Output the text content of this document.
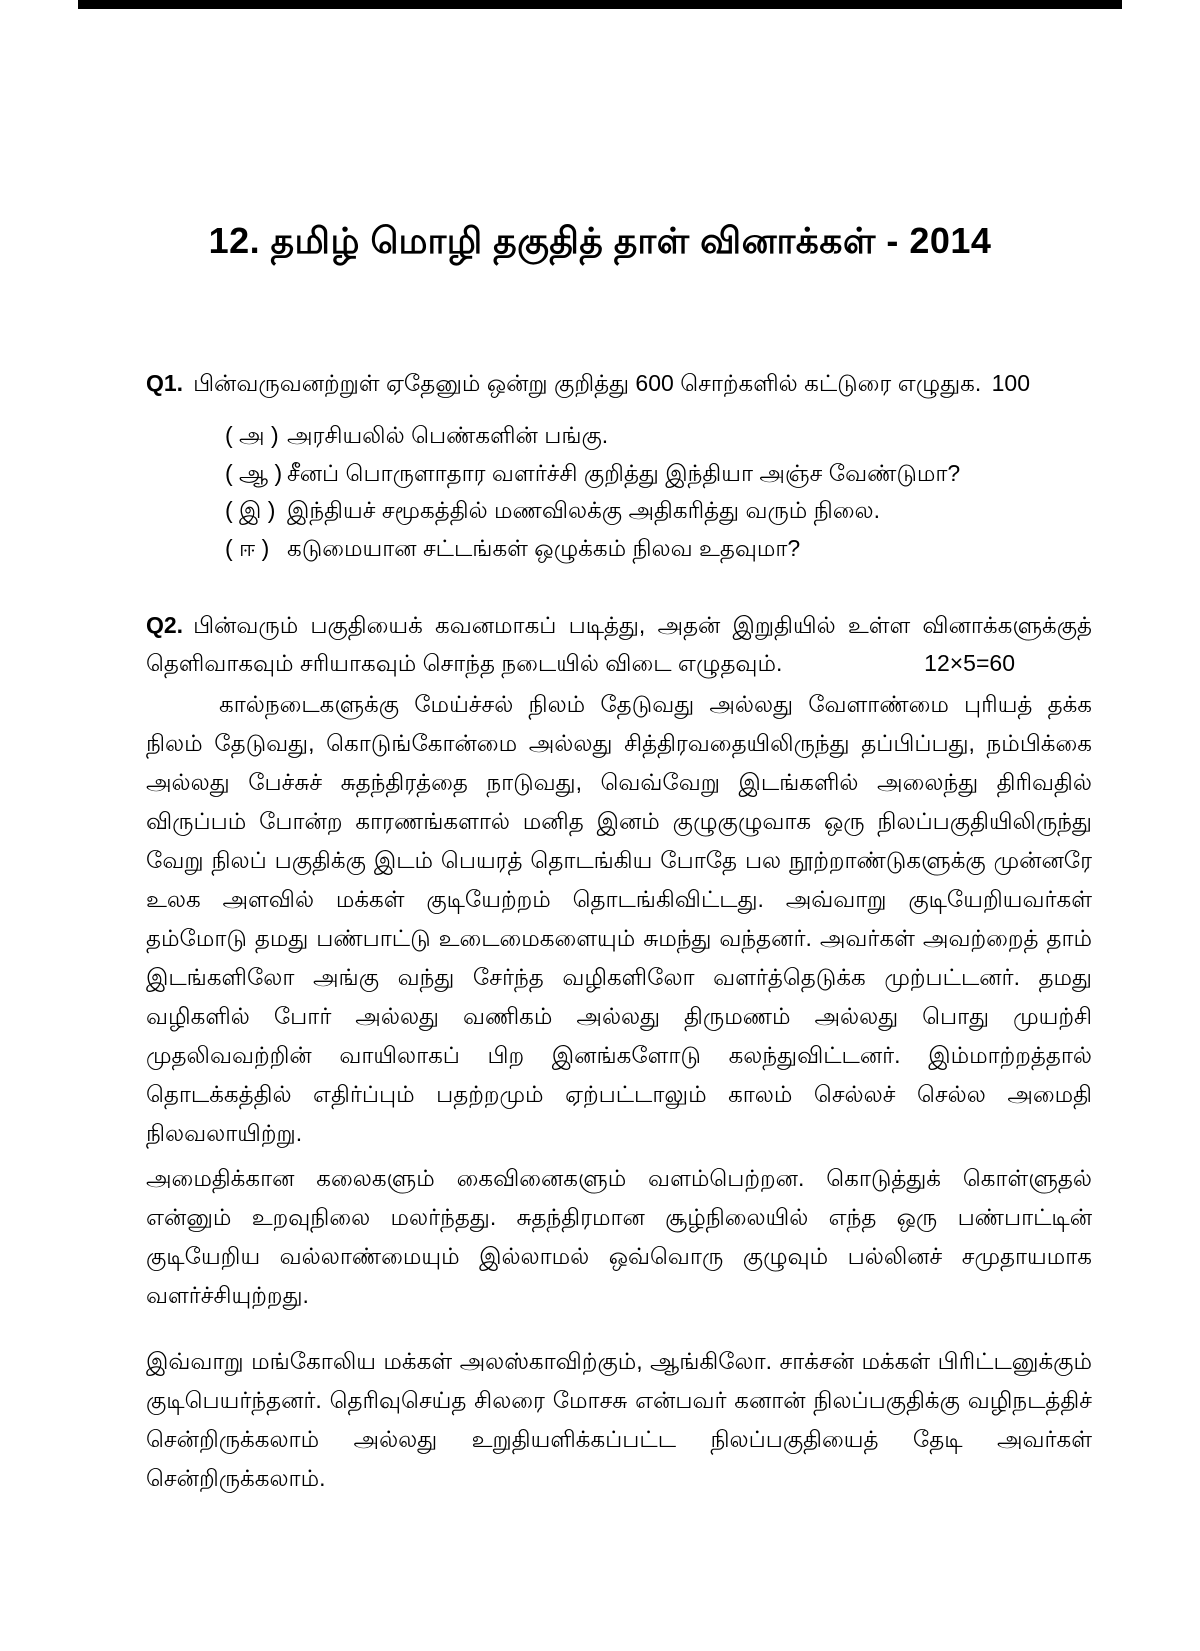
12. தமிழ் மொழி தகுதித் தாள் வினாக்கள் - 2014
Q1. பின்வருவனற்றுள் ஏதேனும் ஒன்று குறித்து 600 சொற்களில் கட்டுரை எழுதுக. 100
( அ ) அரசியலில் பெண்களின் பங்கு.
( ஆ ) சீனப் பொருளாதார வளர்ச்சி குறித்து இந்தியா அஞ்ச வேண்டுமா?
( இ ) இந்தியச் சமூகத்தில் மணவிலக்கு அதிகரித்து வரும் நிலை.
( ஈ ) கடுமையான சட்டங்கள் ஒழுக்கம் நிலவ உதவுமா?
Q2. பின்வரும் பகுதியைக் கவனமாகப் படித்து, அதன் இறுதியில் உள்ள வினாக்களுக்குத் தெளிவாகவும் சரியாகவும் சொந்த நடையில் விடை எழுதவும்.	12×5=60

கால்நடைகளுக்கு மேய்ச்சல் நிலம் தேடுவது அல்லது வேளாண்மை புரியத் தக்க நிலம் தேடுவது, கொடுங்கோன்மை அல்லது சித்திரவதையிலிருந்து தப்பிப்பது, நம்பிக்கை அல்லது பேச்சுச் சுதந்திரத்தை நாடுவது, வெவ்வேறு இடங்களில் அலைந்து திரிவதில் விருப்பம் போன்ற காரணங்களால் மனித இனம் குழுகுழுவாக ஒரு நிலப்பகுதியிலிருந்து வேறு நிலப் பகுதிக்கு இடம் பெயரத் தொடங்கிய போதே பல நூற்றாண்டுகளுக்கு முன்னரே உலக அளவில் மக்கள் குடியேற்றம் தொடங்கிவிட்டது. அவ்வாறு குடியேறியவர்கள் தம்மோடு தமது பண்பாட்டு உடைமைகளையும் சுமந்து வந்தனர். அவர்கள் அவற்றைத் தாம் இடங்களிலோ அங்கு வந்து சேர்ந்த வழிகளிலோ வளர்த்தெடுக்க முற்பட்டனர். தமது வழிகளில் போர் அல்லது வணிகம் அல்லது திருமணம் அல்லது பொது முயற்சி முதலிவவற்றின் வாயிலாகப் பிற இனங்களோடு கலந்துவிட்டனர். இம்மாற்றத்தால் தொடக்கத்தில் எதிர்ப்பும் பதற்றமும் ஏற்பட்டாலும் காலம் செல்லச் செல்ல அமைதி நிலவலாயிற்று.

அமைதிக்கான கலைகளும் கைவினைகளும் வளம்பெற்றன. கொடுத்துக் கொள்ளுதல் என்னும் உறவுநிலை மலர்ந்தது. சுதந்திரமான சூழ்நிலையில் எந்த ஒரு பண்பாட்டின் குடியேறிய வல்லாண்மையும் இல்லாமல் ஒவ்வொரு குழுவும் பல்லினச் சமுதாயமாக வளர்ச்சியுற்றது.

இவ்வாறு மங்கோலிய மக்கள் அலஸ்காவிற்கும், ஆங்கிலோ. சாக்சன் மக்கள் பிரிட்டனுக்கும் குடிபெயர்ந்தனர். தெரிவுசெய்த சிலரை மோசசு என்பவர் கனான் நிலப்பகுதிக்கு வழிநடத்திச் சென்றிருக்கலாம் அல்லது உறுதியளிக்கப்பட்ட நிலப்பகுதியைத் தேடி அவர்கள் சென்றிருக்கலாம்.
